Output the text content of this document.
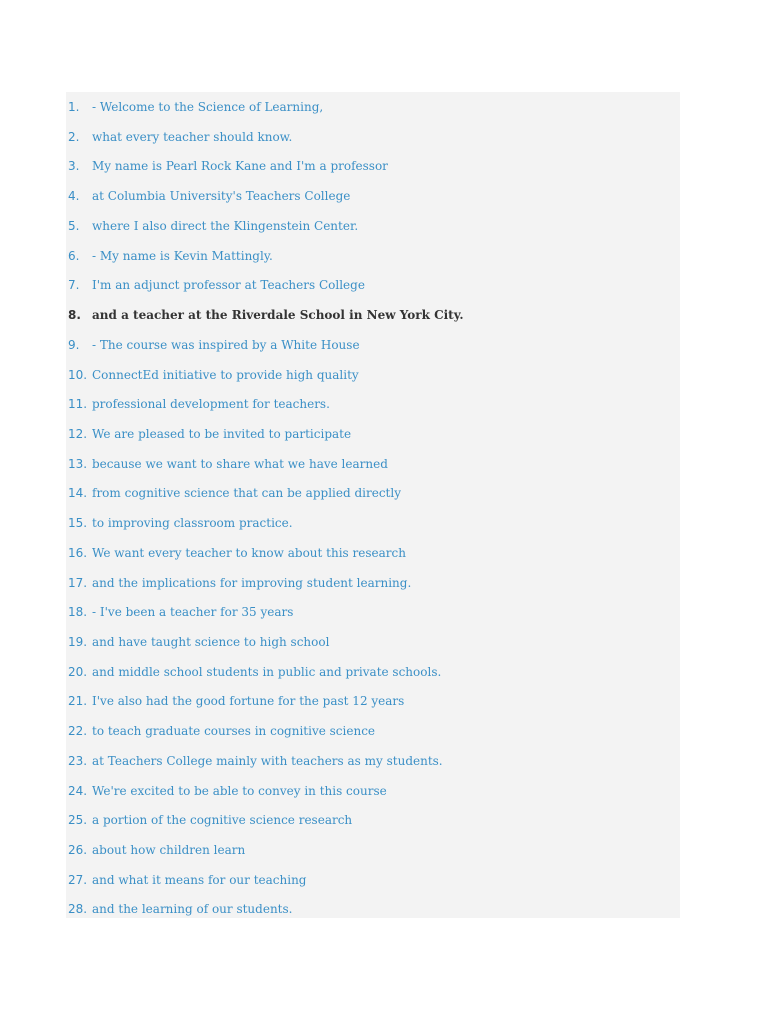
1.	- Welcome to the Science of Learning,
2.	what every teacher should know.
3.	My name is Pearl Rock Kane and I'm a professor
4.	at Columbia University's Teachers College
5.	where I also direct the Klingenstein Center.
6.	- My name is Kevin Mattingly.
7.	I'm an adjunct professor at Teachers College
8. and a teacher at the Riverdale School in New York City.
9.	- The course was inspired by a White House
10. ConnectEd initiative to provide high quality
11. professional development for teachers.
12. We are pleased to be invited to participate
13. because we want to share what we have learned
14. from cognitive science that can be applied directly
15. to improving classroom practice.
16. We want every teacher to know about this research
17. and the implications for improving student learning.
18. - I've been a teacher for 35 years
19. and have taught science to high school
20. and middle school students in public and private schools.
21. I've also had the good fortune for the past 12 years
22. to teach graduate courses in cognitive science
23. at Teachers College mainly with teachers as my students.
24. We're excited to be able to convey in this course
25. a portion of the cognitive science research
26. about how children learn
27. and what it means for our teaching
28. and the learning of our students.
